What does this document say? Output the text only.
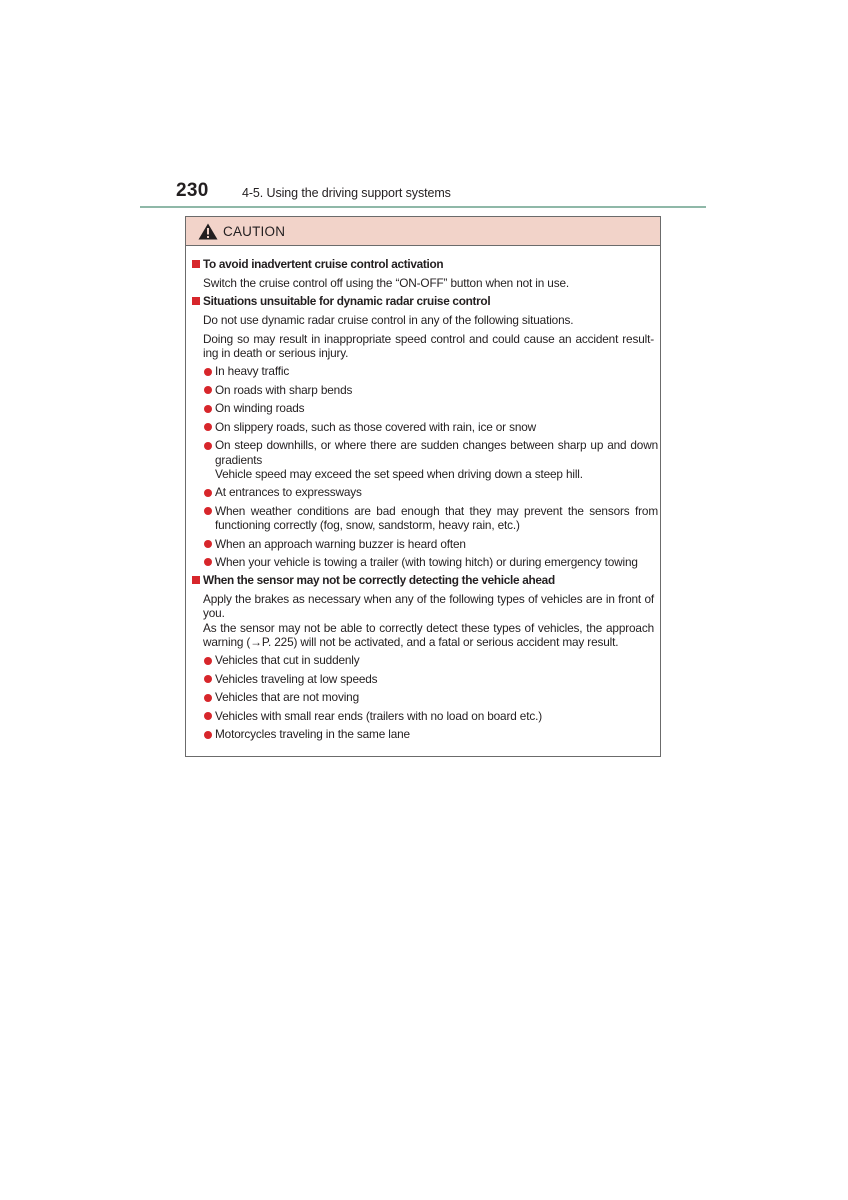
230	4-5. Using the driving support systems
CAUTION
To avoid inadvertent cruise control activation
Switch the cruise control off using the “ON-OFF” button when not in use.
Situations unsuitable for dynamic radar cruise control
Do not use dynamic radar cruise control in any of the following situations.
Doing so may result in inappropriate speed control and could cause an accident result-
ing in death or serious injury.
In heavy traffic
On roads with sharp bends
On winding roads
On slippery roads, such as those covered with rain, ice or snow
On steep downhills, or where there are sudden changes between sharp up and down
gradients
Vehicle speed may exceed the set speed when driving down a steep hill.
At entrances to expressways
When weather conditions are bad enough that they may prevent the sensors from
functioning correctly (fog, snow, sandstorm, heavy rain, etc.)
When an approach warning buzzer is heard often
When your vehicle is towing a trailer (with towing hitch) or during emergency towing
When the sensor may not be correctly detecting the vehicle ahead
Apply the brakes as necessary when any of the following types of vehicles are in front of
you.
As the sensor may not be able to correctly detect these types of vehicles, the approach
warning (→P. 225) will not be activated, and a fatal or serious accident may result.
Vehicles that cut in suddenly
Vehicles traveling at low speeds
Vehicles that are not moving
Vehicles with small rear ends (trailers with no load on board etc.)
Motorcycles traveling in the same lane
